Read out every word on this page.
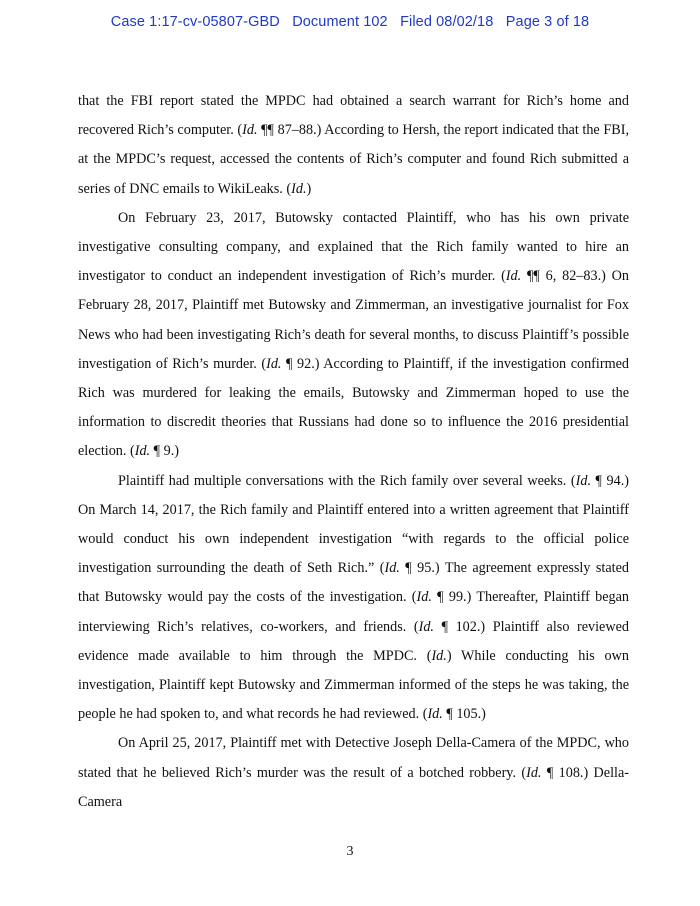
Case 1:17-cv-05807-GBD   Document 102   Filed 08/02/18   Page 3 of 18

that the FBI report stated the MPDC had obtained a search warrant for Rich’s home and recovered Rich’s computer. (Id. ¶¶ 87–88.) According to Hersh, the report indicated that the FBI, at the MPDC’s request, accessed the contents of Rich’s computer and found Rich submitted a series of DNC emails to WikiLeaks. (Id.)

On February 23, 2017, Butowsky contacted Plaintiff, who has his own private investigative consulting company, and explained that the Rich family wanted to hire an investigator to conduct an independent investigation of Rich’s murder. (Id. ¶¶ 6, 82–83.) On February 28, 2017, Plaintiff met Butowsky and Zimmerman, an investigative journalist for Fox News who had been investigating Rich’s death for several months, to discuss Plaintiff’s possible investigation of Rich’s murder. (Id. ¶ 92.) According to Plaintiff, if the investigation confirmed Rich was murdered for leaking the emails, Butowsky and Zimmerman hoped to use the information to discredit theories that Russians had done so to influence the 2016 presidential election. (Id. ¶ 9.)

Plaintiff had multiple conversations with the Rich family over several weeks. (Id. ¶ 94.) On March 14, 2017, the Rich family and Plaintiff entered into a written agreement that Plaintiff would conduct his own independent investigation “with regards to the official police investigation surrounding the death of Seth Rich.” (Id. ¶ 95.) The agreement expressly stated that Butowsky would pay the costs of the investigation. (Id. ¶ 99.) Thereafter, Plaintiff began interviewing Rich’s relatives, co-workers, and friends. (Id. ¶ 102.) Plaintiff also reviewed evidence made available to him through the MPDC. (Id.) While conducting his own investigation, Plaintiff kept Butowsky and Zimmerman informed of the steps he was taking, the people he had spoken to, and what records he had reviewed. (Id. ¶ 105.)

On April 25, 2017, Plaintiff met with Detective Joseph Della-Camera of the MPDC, who stated that he believed Rich’s murder was the result of a botched robbery. (Id. ¶ 108.) Della-Camera

3
